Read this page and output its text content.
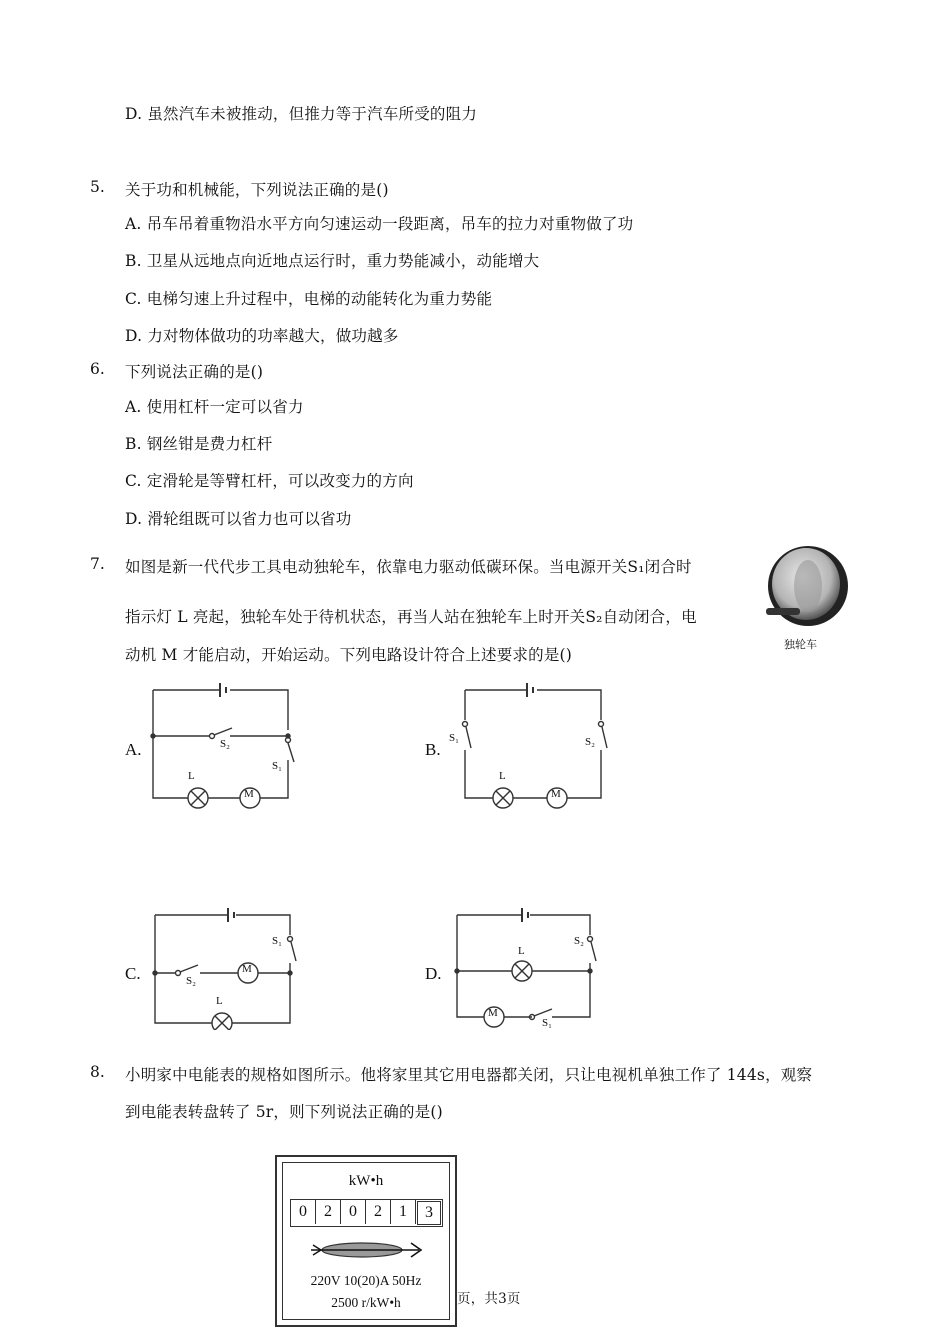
D. 虽然汽车未被推动，但推力等于汽车所受的阻力
5. 关于功和机械能，下列说法正确的是()
A. 吊车吊着重物沿水平方向匀速运动一段距离，吊车的拉力对重物做了功
B. 卫星从远地点向近地点运行时，重力势能减小，动能增大
C. 电梯匀速上升过程中，电梯的动能转化为重力势能
D. 力对物体做功的功率越大，做功越多
6. 下列说法正确的是()
A. 使用杠杆一定可以省力
B. 钢丝钳是费力杠杆
C. 定滑轮是等臂杠杆，可以改变力的方向
D. 滑轮组既可以省力也可以省功
7. 如图是新一代代步工具电动独轮车，依靠电力驱动低碳环保。当电源开关S₁闭合时
指示灯 L 亮起，独轮车处于待机状态，再当人站在独轮车上时开关S₂自动闭合，电
动机 M 才能启动，开始运动。下列电路设计符合上述要求的是()
独轮车
A.	B.
C.	D.
M
L
S₂
S₁
M
L
S₁	S₂
M
L
S₂
S₁
M
L
S₁
S₂
8. 小明家中电能表的规格如图所示。他将家里其它用电器都关闭，只让电视机单独工作了 144s，观察
到电能表转盘转了 5r，则下列说法正确的是()
kW•h
0	2	0	2	1	3
220V 10(20)A 50Hz
2500 r/kW•h	页，共3页
